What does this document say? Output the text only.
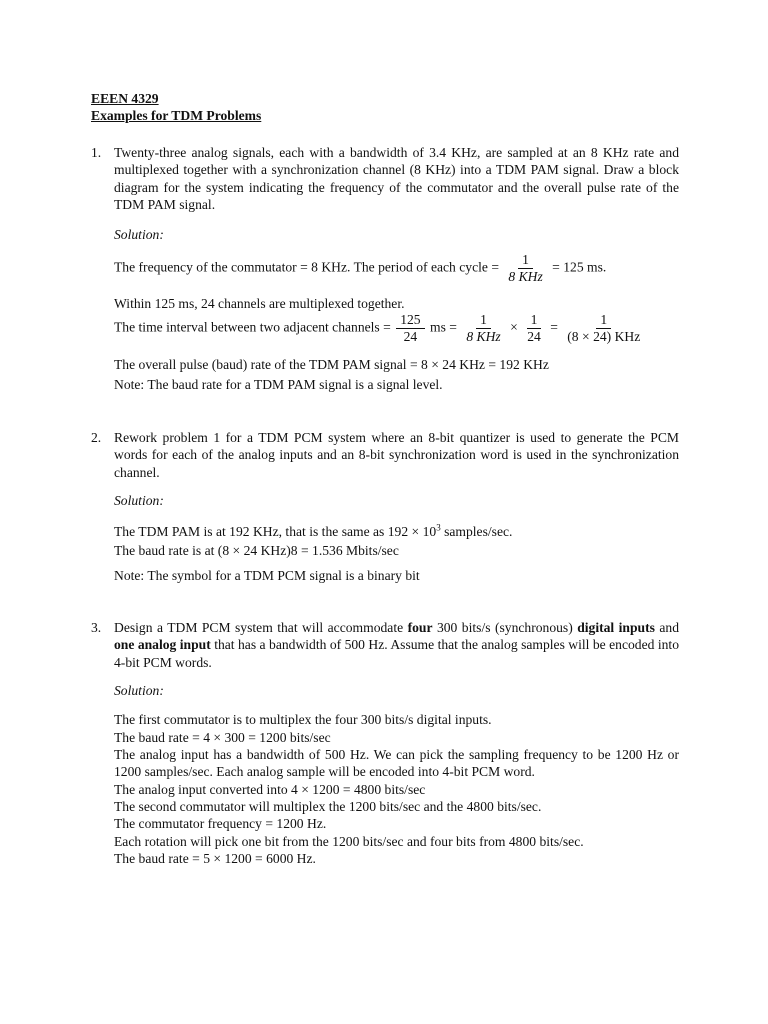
EEEN 4329
Examples for TDM Problems
1. Twenty-three analog signals, each with a bandwidth of 3.4 KHz, are sampled at an 8 KHz rate and multiplexed together with a synchronization channel (8 KHz) into a TDM PAM signal. Draw a block diagram for the system indicating the frequency of the commutator and the overall pulse rate of the TDM PAM signal.
Solution:
The frequency of the commutator = 8 KHz. The period of each cycle = $\frac{1}{\text{8 KHz}} = 125$ ms.
Within 125 ms, 24 channels are multiplexed together.
The time interval between two adjacent channels = $\frac{125}{24}$ ms = $\frac{1}{\text{8 KHz}} \times \frac{1}{24} = \frac{1}{\text{(8 × 24) KHz}}$
The overall pulse (baud) rate of the TDM PAM signal = 8 × 24 KHz = 192 KHz
Note: The baud rate for a TDM PAM signal is a signal level.
2. Rework problem 1 for a TDM PCM system where an 8-bit quantizer is used to generate the PCM words for each of the analog inputs and an 8-bit synchronization word is used in the synchronization channel.
Solution:
The TDM PAM is at 192 KHz, that is the same as $192 \times 10^3$ samples/sec.
The baud rate is at (8 × 24 KHz)8 = 1.536 Mbits/sec
Note: The symbol for a TDM PCM signal is a binary bit
3. Design a TDM PCM system that will accommodate four 300 bits/s (synchronous) digital inputs and one analog input that has a bandwidth of 500 Hz. Assume that the analog samples will be encoded into 4-bit PCM words.
Solution:
The first commutator is to multiplex the four 300 bits/s digital inputs.
The baud rate = 4 × 300 = 1200 bits/sec
The analog input has a bandwidth of 500 Hz. We can pick the sampling frequency to be 1200 Hz or 1200 samples/sec. Each analog sample will be encoded into 4-bit PCM word.
The analog input converted into 4 × 1200 = 4800 bits/sec
The second commutator will multiplex the 1200 bits/sec and the 4800 bits/sec.
The commutator frequency = 1200 Hz.
Each rotation will pick one bit from the 1200 bits/sec and four bits from 4800 bits/sec.
The baud rate = 5 × 1200 = 6000 Hz.
